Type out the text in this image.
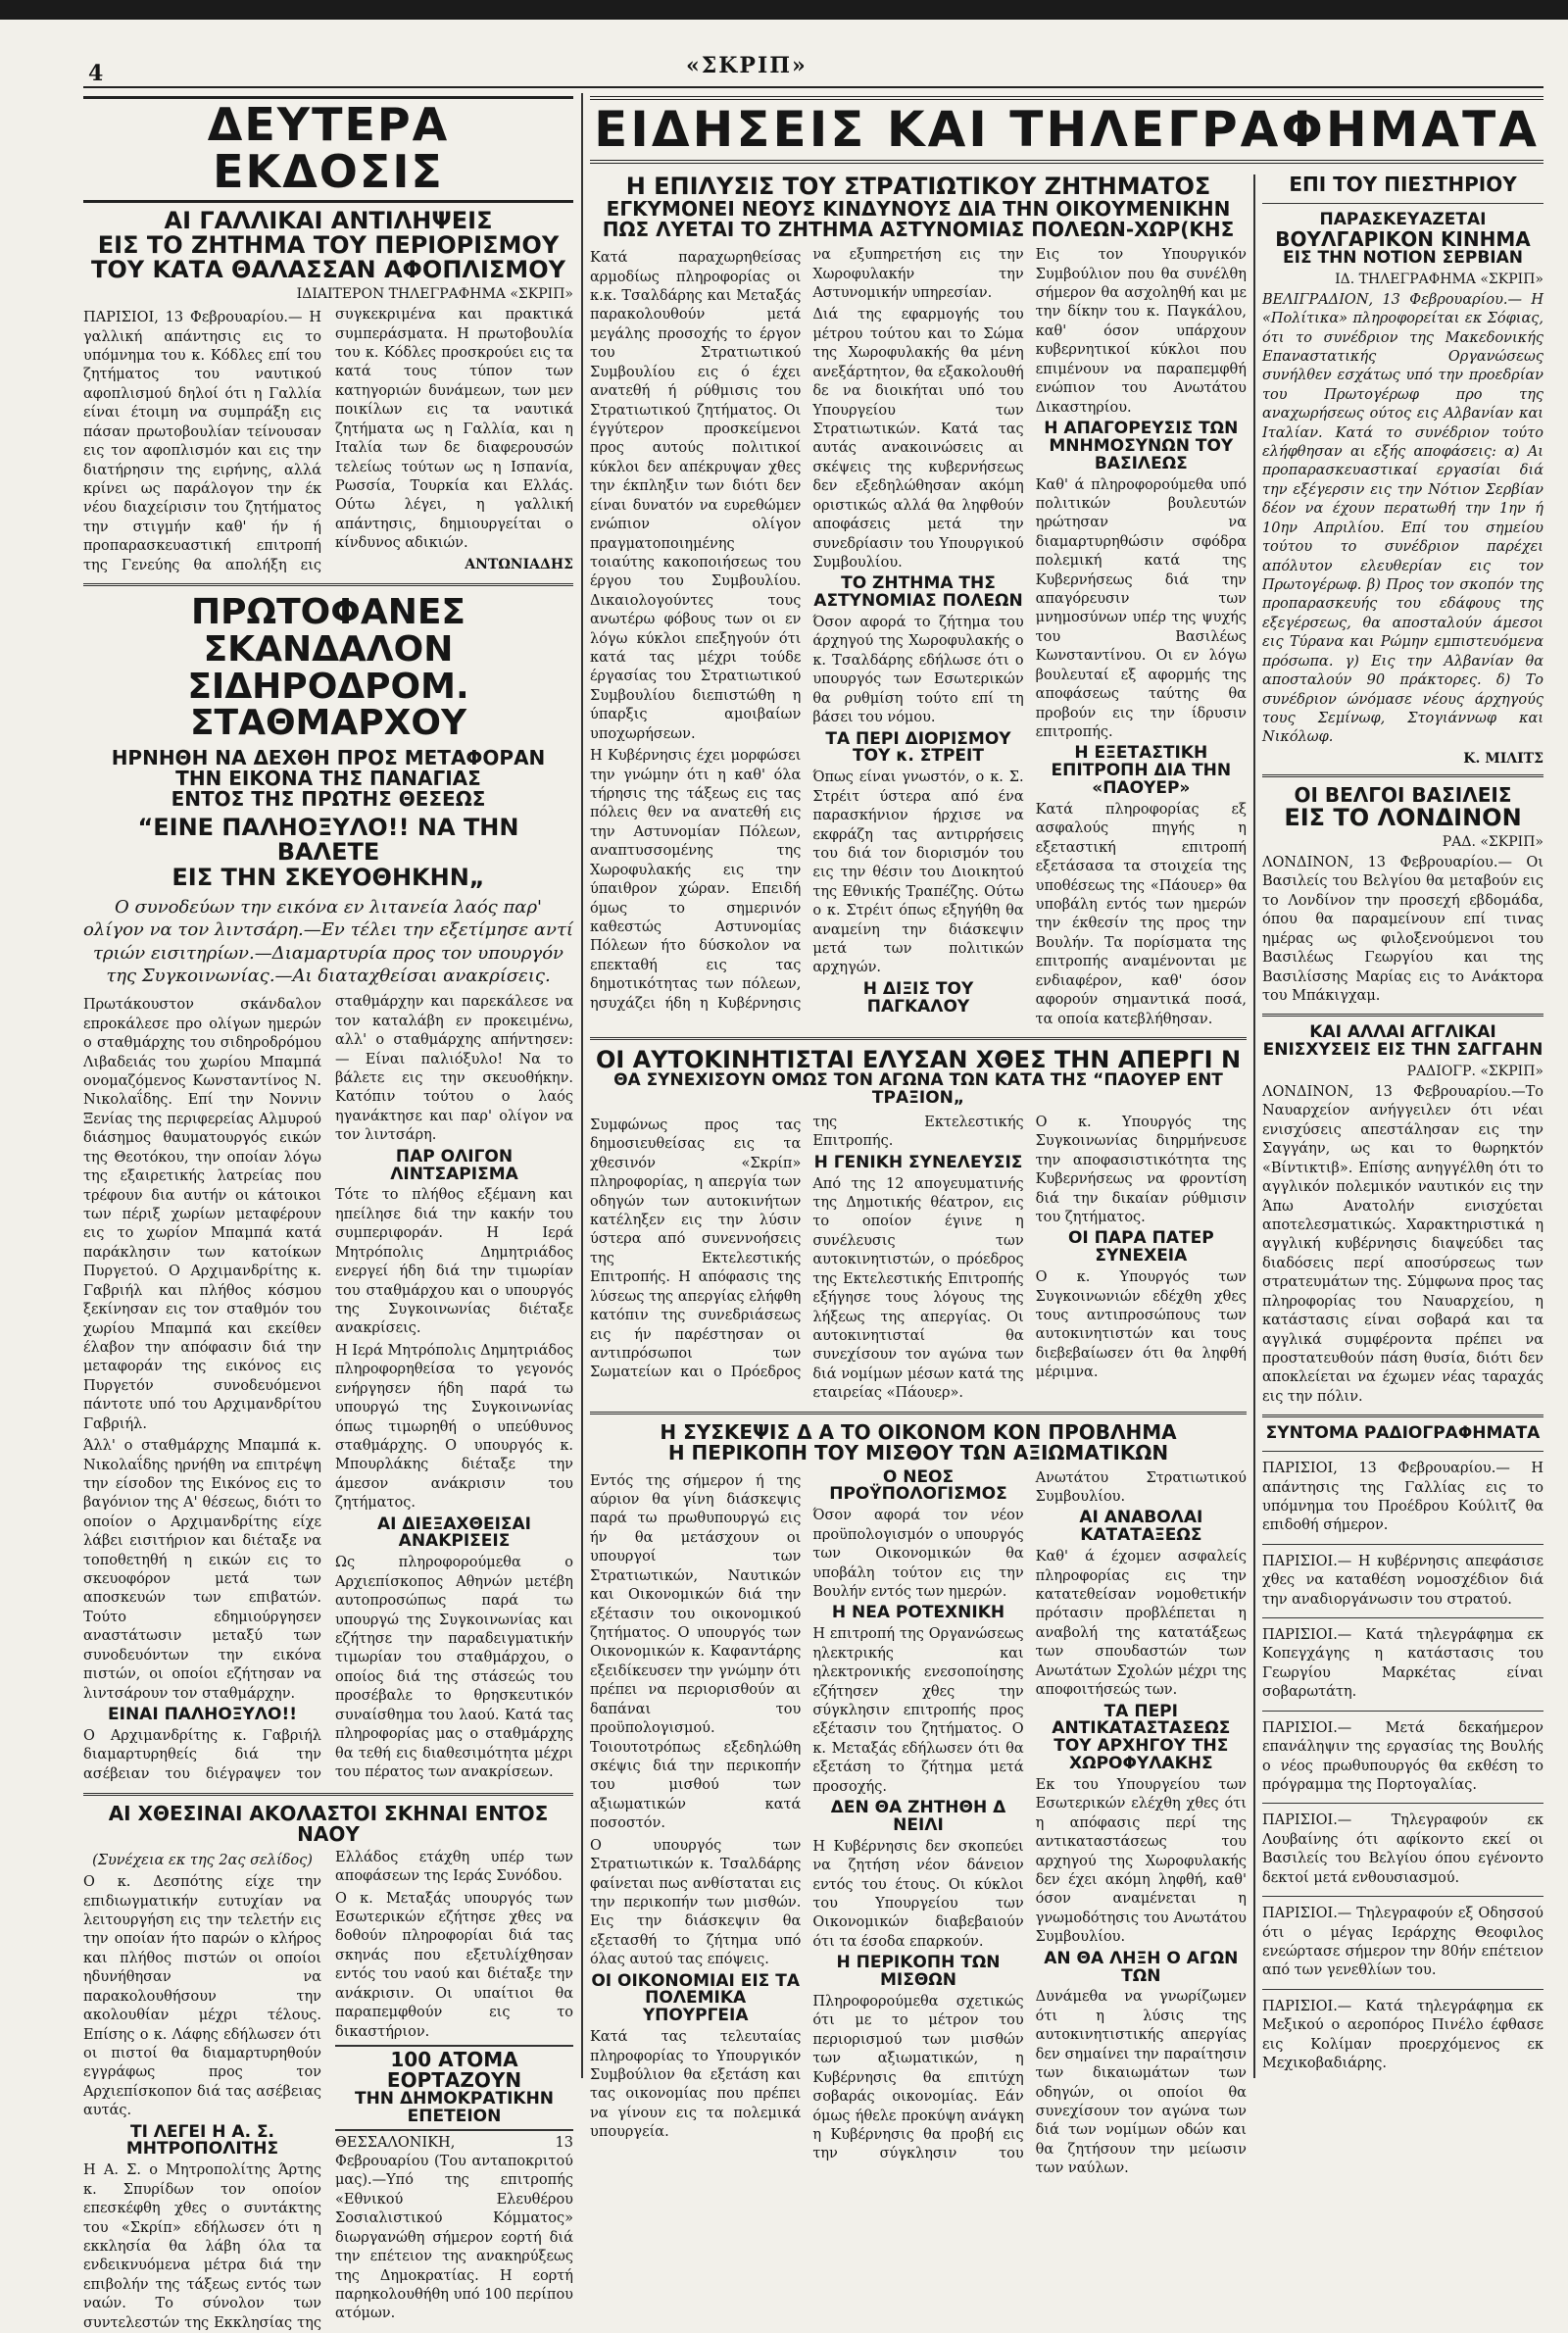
4	«ΣΚΡΙΠ»
ΔΕΥΤΕΡΑ ΕΚΔΟΣΙΣ
ΑΙ ΓΑΛΛΙΚΑΙ ΑΝΤΙΛΗΨΕΙΣ
ΕΙΣ ΤΟ ΖΗΤΗΜΑ ΤΟΥ ΠΕΡΙΟΡΙΣΜΟΥ
ΤΟΥ ΚΑΤΑ ΘΑΛΑΣΣΑΝ ΑΦΟΠΛΙΣΜΟΥ
ΙΔΙΑΙΤΕΡΟΝ ΤΗΛΕΓΡΑΦΗΜΑ «ΣΚΡΙΠ»

ΠΑΡΙΣΙΟΙ, 13 Φεβρουαρίου.— Η γαλλική απάντησις εις το υπόμνημα του κ. Κόδλες επί του ζητήματος του ναυτικού αφοπλισμού δηλοί ότι η Γαλλία είναι έτοιμη να συμπράξη εις πάσαν πρωτοβουλίαν τείνουσαν εις τον αφοπλισμόν και εις την διατήρησιν της ειρήνης, αλλά κρίνει ως παράλογον την έκ νέου διαχείρισιν του ζητήματος την στιγμήν καθ' ήν ή προπαρασκευαστική επιτροπή της Γενεύης θα απολήξη εις συγκεκριμένα και πρακτικά συμπεράσματα. Η πρωτοβουλία του κ. Κόδλες προσκρούει εις τα κατά τους τύπον των κατηγοριών δυνάμεων, των μεν ποικίλων εις τα ναυτικά ζητήματα ως η Γαλλία, και η Ιταλία των δε διαφερουσών τελείως τούτων ως η Ισπανία, Ρωσσία, Τουρκία και Ελλάς. Ούτω λέγει, η γαλλική απάντησις, δημιουργείται ο κίνδυνος αδικιών.

ΑΝΤΩΝΙΑΔΗΣ

ΠΡΩΤΟΦΑΝΕΣ ΣΚΑΝΔΑΛΟΝ
ΣΙΔΗΡΟΔΡΟΜ. ΣΤΑΘΜΑΡΧΟΥ
ΗΡΝΗΘΗ ΝΑ ΔΕΧΘΗ ΠΡΟΣ ΜΕΤΑΦΟΡΑΝ
ΤΗΝ ΕΙΚΟΝΑ ΤΗΣ ΠΑΝΑΓΙΑΣ
ΕΝΤΟΣ ΤΗΣ ΠΡΩΤΗΣ ΘΕΣΕΩΣ
“ΕΙΝΕ ΠΑΛΗΟΞΥΛΟ!! ΝΑ ΤΗΝ ΒΑΛΕΤΕ
ΕΙΣ ΤΗΝ ΣΚΕΥΟΘΗΚΗΝ„

Ο συνοδεύων την εικόνα εν λιτανεία λαός παρ' ολίγον να τον λιντσάρη.—Εν τέλει την εξετίμησε αντί τριών εισιτηρίων.—Διαμαρτυρία προς τον υπουργόν της Συγκοινωνίας.—Αι διαταχθείσαι ανακρίσεις.

Πρωτάκουστον σκάνδαλον επροκάλεσε προ ολίγων ημερών ο σταθμάρχης του σιδηροδρόμου Λιβαδειάς του χωρίου Μπαμπά ονομαζόμενος Κωνσταντίνος Ν. Νικολαΐδης. Επί την Νοννιν Ξενίας της περιφερείας Αλμυρού διάσημος θαυματουργός εικών της Θεοτόκου, την οποίαν λόγω της εξαιρετικής λατρείας που τρέφουν δια αυτήν οι κάτοικοι των πέριξ χωρίων μεταφέρουν εις το χωρίον Μπαμπά κατά παράκλησιν των κατοίκων Πυργετού. Ο Αρχιμανδρίτης κ. Γαβριήλ και πλήθος κόσμου ξεκίνησαν εις τον σταθμόν του χωρίου Μπαμπά και εκείθεν έλαβον την απόφασιν διά την μεταφοράν της εικόνος εις Πυργετόν συνοδευόμενοι πάντοτε υπό του Αρχιμανδρίτου Γαβριήλ.

Άλλ' ο σταθμάρχης Μπαμπά κ. Νικολαΐδης ηρνήθη να επιτρέψη την είσοδον της Εικόνος εις το βαγόνιον της Α' θέσεως, διότι το οποίον ο Αρχιμανδρίτης είχε λάβει εισιτήριον και διέταξε να τοποθετηθή η εικών εις το σκευοφόρον μετά των αποσκευών των επιβατών. Τούτο εδημιούργησεν αναστάτωσιν μεταξύ των συνοδευόντων την εικόνα πιστών, οι οποίοι εζήτησαν να λιντσάρουν τον σταθμάρχην.

ΕΙΝΑΙ ΠΑΛΗΟΞΥΛΟ!!

Ο Αρχιμανδρίτης κ. Γαβριήλ διαμαρτυρηθείς διά την ασέβειαν του διέγραψεν τον σταθμάρχην και παρεκάλεσε να τον καταλάβη εν προκειμένω, αλλ' ο σταθμάρχης απήντησεν: — Είναι παλιόξυλο! Να το βάλετε εις την σκευοθήκην. Κατόπιν τούτου ο λαός ηγανάκτησε και παρ' ολίγον να τον λιντσάρη.

ΠΑΡ ΟΛΙΓΟΝ ΛΙΝΤΣΑΡΙΣΜΑ

Τότε το πλήθος εξέμανη και ηπείλησε διά την κακήν του συμπεριφοράν. Η Ιερά Μητρόπολις Δημητριάδος ενεργεί ήδη διά την τιμωρίαν του σταθμάρχου και ο υπουργός της Συγκοινωνίας διέταξε ανακρίσεις.

Η Ιερά Μητρόπολις Δημητριάδος πληροφορηθείσα το γεγονός ενήργησεν ήδη παρά τω υπουργώ της Συγκοινωνίας όπως τιμωρηθή ο υπεύθυνος σταθμάρχης. Ο υπουργός κ. Μπουρλάκης διέταξε την άμεσον ανάκρισιν του ζητήματος.

ΑΙ ΔΙΕΞΑΧΘΕΙΣΑΙ ΑΝΑΚΡΙΣΕΙΣ

Ως πληροφορούμεθα ο Αρχιεπίσκοπος Αθηνών μετέβη αυτοπροσώπως παρά τω υπουργώ της Συγκοινωνίας και εζήτησε την παραδειγματικήν τιμωρίαν του σταθμάρχου, ο οποίος διά της στάσεώς του προσέβαλε το θρησκευτικόν συναίσθημα του λαού. Κατά τας πληροφορίας μας ο σταθμάρχης θα τεθή εις διαθεσιμότητα μέχρι του πέρατος των ανακρίσεων.

ΑΙ ΧΘΕΣΙΝΑΙ ΑΚΟΛΑΣΤΟΙ ΣΚΗΝΑΙ ΕΝΤΟΣ ΝΑΟΥ

(Συνέχεια εκ της 2ας σελίδος)

Ο κ. Δεσπότης είχε την επιδιωγματικήν ευτυχίαν να λειτουργήση εις την τελετήν εις την οποίαν ήτο παρών ο κλήρος και πλήθος πιστών οι οποίοι ηδυνήθησαν να παρακολουθήσουν την ακολουθίαν μέχρι τέλους. Επίσης ο κ. Λάφης εδήλωσεν ότι οι πιστοί θα διαμαρτυρηθούν εγγράφως προς τον Αρχιεπίσκοπον διά τας ασέβειας αυτάς.

ΤΙ ΛΕΓΕΙ Η Α. Σ. ΜΗΤΡΟΠΟΛΙΤΗΣ

Η Α. Σ. ο Μητροπολίτης Άρτης κ. Σπυρίδων τον οποίον επεσκέφθη χθες ο συντάκτης του «Σκρίπ» εδήλωσεν ότι η εκκλησία θα λάβη όλα τα ενδεικνυόμενα μέτρα διά την επιβολήν της τάξεως εντός των ναών. Το σύνολον των συντελεστών της Εκκλησίας της Ελλάδος ετάχθη υπέρ των αποφάσεων της Ιεράς Συνόδου.

Ο κ. Μεταξάς υπουργός των Εσωτερικών εζήτησε χθες να δοθούν πληροφορίαι διά τας σκηνάς που εξετυλίχθησαν εντός του ναού και διέταξε την ανάκρισιν. Οι υπαίτιοι θα παραπεμφθούν εις το δικαστήριον.

100 ΑΤΟΜΑ ΕΟΡΤΑΖΟΥΝ
ΤΗΝ ΔΗΜΟΚΡΑΤΙΚΗΝ ΕΠΕΤΕΙΟΝ

ΘΕΣΣΑΛΟΝΙΚΗ, 13 Φεβρουαρίου (Του ανταποκριτού μας).—Υπό της επιτροπής «Εθνικού Ελευθέρου Σοσιαλιστικού Κόμματος» διωργανώθη σήμερον εορτή διά την επέτειον της ανακηρύξεως της Δημοκρατίας. Η εορτή παρηκολουθήθη υπό 100 περίπου ατόμων.

ΕΙΔΗΣΕΙΣ ΚΑΙ ΤΗΛΕΓΡΑΦΗΜΑΤΑ
Η ΕΠΙΛΥΣΙΣ ΤΟΥ ΣΤΡΑΤΙΩΤΙΚΟΥ ΖΗΤΗΜΑΤΟΣ
ΕΓΚΥΜΟΝΕΙ ΝΕΟΥΣ ΚΙΝΔΥΝΟΥΣ ΔΙΑ ΤΗΝ ΟΙΚΟΥΜΕΝΙΚΗΝ
ΠΩΣ ΛΥΕΤΑΙ ΤΟ ΖΗΤΗΜΑ ΑΣΤΥΝΟΜΙΑΣ ΠΟΛΕΩΝ-ΧΩΡ(ΚΗΣ

Κατά παραχωρηθείσας αρμοδίως πληροφορίας οι κ.κ. Τσαλδάρης και Μεταξάς παρακολουθούν μετά μεγάλης προσοχής το έργον του Στρατιωτικού Συμβουλίου εις ό έχει ανατεθή ή ρύθμισις του Στρατιωτικού ζητήματος. Οι έγγύτερον προσκείμενοι προς αυτούς πολιτικοί κύκλοι δεν απέκρυψαν χθες την έκπληξιν των διότι δεν είναι δυνατόν να ευρεθώμεν ενώπιον ολίγον πραγματοποιημένης τοιαύτης κακοποιήσεως του έργου του Συμβουλίου. Δικαιολογούντες τους ανωτέρω φόβους των οι εν λόγω κύκλοι επεξηγούν ότι κατά τας μέχρι τούδε έργασίας του Στρατιωτικού Συμβουλίου διεπιστώθη η ύπαρξις αμοιβαίων υποχωρήσεων.

Η Κυβέρνησις έχει μορφώσει την γνώμην ότι η καθ' όλα τήρησις της τάξεως εις τας πόλεις θεν να ανατεθή εις την Αστυνομίαν Πόλεων, αναπτυσσομένης της Χωροφυλακής εις την ύπαιθρον χώραν. Επειδή όμως το σημερινόν καθεστώς Αστυνομίας Πόλεων ήτο δύσκολον να επεκταθή εις τας δημοτικότητας των πόλεων, ησυχάζει ήδη η Κυβέρνησις να εξυπηρετήση εις την Χωροφυλακήν την Αστυνομικήν υπηρεσίαν.

Διά της εφαρμογής του μέτρου τούτου και το Σώμα της Χωροφυλακής θα μένη ανεξάρτητον, θα εξακολουθή δε να διοικήται υπό του Υπουργείου των Στρατιωτικών. Κατά τας αυτάς ανακοινώσεις αι σκέψεις της κυβερνήσεως δεν εξεδηλώθησαν ακόμη οριστικώς αλλά θα ληφθούν αποφάσεις μετά την συνεδρίασιν του Υπουργικού Συμβουλίου.

ΤΟ ΖΗΤΗΜΑ ΤΗΣ ΑΣΤΥΝΟΜΙΑΣ ΠΟΛΕΩΝ

Όσον αφορά το ζήτημα του άρχηγού της Χωροφυλακής ο κ. Τσαλδάρης εδήλωσε ότι ο υπουργός των Εσωτερικών θα ρυθμίση τούτο επί τη βάσει του νόμου.

ΤΑ ΠΕΡΙ ΔΙΟΡΙΣΜΟΥ ΤΟΥ κ. ΣΤΡΕΙΤ

Όπως είναι γνωστόν, ο κ. Σ. Στρέιτ ύστερα από ένα παρασκήνιον ήρχισε να εκφράζη τας αντιρρήσεις του διά τον διορισμόν του εις την θέσιν του Διοικητού της Εθνικής Τραπέζης. Ούτω ο κ. Στρέιτ όπως εξηγήθη θα αναμείνη την διάσκεψιν μετά των πολιτικών αρχηγών.

Η ΔΙΞΙΣ ΤΟΥ ΠΑΓΚΑΛΟΥ

Εις τον Υπουργικόν Συμβούλιον που θα συνέλθη σήμερον θα ασχοληθή και με την δίκην του κ. Παγκάλου, καθ' όσον υπάρχουν κυβερνητικοί κύκλοι που επιμένουν να παραπεμφθή ενώπιον του Ανωτάτου Δικαστηρίου.

Η ΑΠΑΓΟΡΕΥΣΙΣ ΤΩΝ ΜΝΗΜΟΣΥΝΩΝ ΤΟΥ ΒΑΣΙΛΕΩΣ

Καθ' ά πληροφορούμεθα υπό πολιτικών βουλευτών ηρώτησαν να διαμαρτυρηθώσιν σφόδρα πολεμική κατά της Κυβερνήσεως διά την απαγόρευσιν των μνημοσύνων υπέρ της ψυχής του Βασιλέως Κωνσταντίνου. Οι εν λόγω βουλευταί εξ αφορμής της αποφάσεως ταύτης θα προβούν εις την ίδρυσιν επιτροπής.

Η ΕΞΕΤΑΣΤΙΚΗ ΕΠΙΤΡΟΠΗ ΔΙΑ ΤΗΝ «ΠΑΟΥΕΡ»

Κατά πληροφορίας εξ ασφαλούς πηγής η εξεταστική επιτροπή εξετάσασα τα στοιχεία της υποθέσεως της «Πάουερ» θα υποβάλη εντός των ημερών την έκθεσίν της προς την Βουλήν. Τα πορίσματα της επιτροπής αναμένονται με ενδιαφέρον, καθ' όσον αφορούν σημαντικά ποσά, τα οποία κατεβλήθησαν.

ΟΙ ΑΥΤΟΚΙΝΗΤΙΣΤΑΙ ΕΛΥΣΑΝ ΧΘΕΣ ΤΗΝ ΑΠΕΡΓΙ Ν
ΘΑ ΣΥΝΕΧΙΣΟΥΝ ΟΜΩΣ ΤΟΝ ΑΓΩΝΑ ΤΩΝ ΚΑΤΑ ΤΗΣ “ΠΑΟΥΕΡ ΕΝΤ ΤΡΑΞΙΟΝ„

Συμφώνως προς τας δημοσιευθείσας εις τα χθεσινόν «Σκρίπ» πληροφορίας, η απεργία των οδηγών των αυτοκινήτων κατέληξεν εις την λύσιν ύστερα από συνεννοήσεις της Εκτελεστικής Επιτροπής. Η απόφασις της λύσεως της απεργίας ελήφθη κατόπιν της συνεδριάσεως εις ήν παρέστησαν οι αντιπρόσωποι των Σωματείων και ο Πρόεδρος της Εκτελεστικής Επιτροπής.

Η ΓΕΝΙΚΗ ΣΥΝΕΛΕΥΣΙΣ

Από της 12 απογευματινής της Δημοτικής θέατρον, εις το οποίον έγινε η συνέλευσις των αυτοκινητιστών, ο πρόεδρος της Εκτελεστικής Επιτροπής εξήγησε τους λόγους της λήξεως της απεργίας. Οι αυτοκινητισταί θα συνεχίσουν τον αγώνα των διά νομίμων μέσων κατά της εταιρείας «Πάουερ».

Ο κ. Υπουργός της Συγκοινωνίας διηρμήνευσε την αποφασιστικότητα της Κυβερνήσεως να φροντίση διά την δικαίαν ρύθμισιν του ζητήματος.

ΟΙ ΠΑΡΑ ΠΑΤΕΡ ΣΥΝΕΧΕΙΑ

Ο κ. Υπουργός των Συγκοινωνιών εδέχθη χθες τους αντιπροσώπους των αυτοκινητιστών και τους διεβεβαίωσεν ότι θα ληφθή μέριμνα.

Η ΣΥΣΚΕΨΙΣ Δ Α ΤΟ ΟΙΚΟΝΟΜ ΚΟΝ ΠΡΟΒΛΗΜΑ
Η ΠΕΡΙΚΟΠΗ ΤΟΥ ΜΙΣΘΟΥ ΤΩΝ ΑΞΙΩΜΑΤΙΚΩΝ

Εντός της σήμερον ή της αύριον θα γίνη διάσκεψις παρά τω πρωθυπουργώ εις ήν θα μετάσχουν οι υπουργοί των Στρατιωτικών, Ναυτικών και Οικονομικών διά την εξέτασιν του οικονομικού ζητήματος. Ο υπουργός των Οικονομικών κ. Καφαντάρης εξειδίκευσεν την γνώμην ότι πρέπει να περιορισθούν αι δαπάναι του προϋπολογισμού. Τοιουτοτρόπως εξεδηλώθη σκέψις διά την περικοπήν του μισθού των αξιωματικών κατά ποσοστόν.

Ο υπουργός των Στρατιωτικών κ. Τσαλδάρης φαίνεται πως ανθίσταται εις την περικοπήν των μισθών. Εις την διάσκεψιν θα εξετασθή το ζήτημα υπό όλας αυτού τας επόψεις.

ΟΙ ΟΙΚΟΝΟΜΙΑΙ ΕΙΣ ΤΑ ΠΟΛΕΜΙΚΑ ΥΠΟΥΡΓΕΙΑ

Κατά τας τελευταίας πληροφορίας το Υπουργικόν Συμβούλιον θα εξετάση και τας οικονομίας που πρέπει να γίνουν εις τα πολεμικά υπουργεία.

Ο ΝΕΟΣ ΠΡΟΫΠΟΛΟΓΙΣΜΟΣ

Όσον αφορά τον νέον προϋπολογισμόν ο υπουργός των Οικονομικών θα υποβάλη τούτον εις την Βουλήν εντός των ημερών.

Η ΝΕΑ ΡΟΤΕΧΝΙΚΗ

Η επιτροπή της Οργανώσεως ηλεκτρικής και ηλεκτρονικής ενεσοποίησης εζήτησεν χθες την σύγκλησιν επιτροπής προς εξέτασιν του ζητήματος. Ο κ. Μεταξάς εδήλωσεν ότι θα εξετάση το ζήτημα μετά προσοχής.

ΔΕΝ ΘΑ ΖΗΤΗΘΗ Δ ΝΕΙΛΙ

Η Κυβέρνησις δεν σκοπεύει να ζητήση νέον δάνειον εντός του έτους. Οι κύκλοι του Υπουργείου των Οικονομικών διαβεβαιούν ότι τα έσοδα επαρκούν.

Η ΠΕΡΙΚΟΠΗ ΤΩΝ ΜΙΣΘΩΝ

Πληροφορούμεθα σχετικώς ότι με το μέτρον του περιορισμού των μισθών των αξιωματικών, η Κυβέρνησις θα επιτύχη σοβαράς οικονομίας. Εάν όμως ήθελε προκύψη ανάγκη η Κυβέρνησις θα προβή εις την σύγκλησιν του Ανωτάτου Στρατιωτικού Συμβουλίου.

ΑΙ ΑΝΑΒΟΛΑΙ ΚΑΤΑΤΑΞΕΩΣ

Καθ' ά έχομεν ασφαλείς πληροφορίας εις την κατατεθείσαν νομοθετικήν πρότασιν προβλέπεται η αναβολή της κατατάξεως των σπουδαστών των Ανωτάτων Σχολών μέχρι της αποφοιτήσεώς των.

ΤΑ ΠΕΡΙ ΑΝΤΙΚΑΤΑΣΤΑΣΕΩΣ
ΤΟΥ ΑΡΧΗΓΟΥ ΤΗΣ ΧΩΡΟΦΥΛΑΚΗΣ

Εκ του Υπουργείου των Εσωτερικών ελέχθη χθες ότι η απόφασις περί της αντικαταστάσεως του αρχηγού της Χωροφυλακής δεν έχει ακόμη ληφθή, καθ' όσον αναμένεται η γνωμοδότησις του Ανωτάτου Συμβουλίου.

ΑΝ ΘΑ ΛΗΞΗ Ο ΑΓΩΝ ΤΩΝ

Δυνάμεθα να γνωρίζωμεν ότι η λύσις της αυτοκινητιστικής απεργίας δεν σημαίνει την παραίτησιν των δικαιωμάτων των οδηγών, οι οποίοι θα συνεχίσουν τον αγώνα των διά των νομίμων οδών και θα ζητήσουν την μείωσιν των ναύλων.

ΕΠΙ ΤΟΥ ΠΙΕΣΤΗΡΙΟΥ
ΠΑΡΑΣΚΕΥΑΖΕΤΑΙ
ΒΟΥΛΓΑΡΙΚΟΝ ΚΙΝΗΜΑ
ΕΙΣ ΤΗΝ ΝΟΤΙΟΝ ΣΕΡΒΙΑΝ
ΙΔ. ΤΗΛΕΓΡΑΦΗΜΑ «ΣΚΡΙΠ»

ΒΕΛΙΓΡΑΔΙΟΝ, 13 Φεβρουαρίου.— Η «Πολίτικα» πληροφορείται εκ Σόφιας, ότι το συνέδριον της Μακεδονικής Επαναστατικής Οργανώσεως συνήλθεν εσχάτως υπό την προεδρίαν του Πρωτογέρωφ προ της αναχωρήσεως ούτος εις Αλβανίαν και Ιταλίαν. Κατά το συνέδριον τούτο ελήφθησαν αι εξής αποφάσεις: α) Αι προπαρασκευαστικαί εργασίαι διά την εξέγερσιν εις την Νότιον Σερβίαν δέον να έχουν περατωθή την 1ην ή 10ην Απριλίου. Επί του σημείου τούτου το συνέδριον παρέχει απόλυτον ελευθερίαν εις τον Πρωτογέρωφ. β) Προς τον σκοπόν της προπαρασκευής του εδάφους της εξεγέρσεως, θα αποσταλούν άμεσοι εις Τύρανα και Ρώμην εμπιστευόμενα πρόσωπα. γ) Εις την Αλβανίαν θα αποσταλούν 90 πράκτορες. δ) Το συνέδριον ώνόμασε νέους άρχηγούς τους Σεμίνωφ, Στογιάννωφ και Νικόλωφ.

Κ. ΜΙΛΙΤΣ

ΟΙ ΒΕΛΓΟΙ ΒΑΣΙΛΕΙΣ
ΕΙΣ ΤΟ ΛΟΝΔΙΝΟΝ
ΡΑΔ. «ΣΚΡΙΠ»

ΛΟΝΔΙΝΟΝ, 13 Φεβρουαρίου.— Οι Βασιλείς του Βελγίου θα μεταβούν εις το Λονδίνον την προσεχή εβδομάδα, όπου θα παραμείνουν επί τινας ημέρας ως φιλοξενούμενοι του Βασιλέως Γεωργίου και της Βασιλίσσης Μαρίας εις το Ανάκτορα του Μπάκιγχαμ.

ΚΑΙ ΑΛΛΑΙ ΑΓΓΛΙΚΑΙ
ΕΝΙΣΧΥΣΕΙΣ ΕΙΣ ΤΗΝ ΣΑΓΓΑΗΝ
ΡΑΔΙΟΓΡ. «ΣΚΡΙΠ»

ΛΟΝΔΙΝΟΝ, 13 Φεβρουαρίου.—Το Ναυαρχείον ανήγγειλεν ότι νέαι ενισχύσεις απεστάλησαν εις την Σαγγάην, ως και το θωρηκτόν «Βίντικτιβ». Επίσης ανηγγέλθη ότι το αγγλικόν πολεμικόν ναυτικόν εις την Άπω Ανατολήν ενισχύεται αποτελεσματικώς. Χαρακτηριστικά η αγγλική κυβέρνησις διαψεύδει τας διαδόσεις περί αποσύρσεως των στρατευμάτων της. Σύμφωνα προς τας πληροφορίας του Ναυαρχείου, η κατάστασις είναι σοβαρά και τα αγγλικά συμφέροντα πρέπει να προστατευθούν πάση θυσία, διότι δεν αποκλείεται να έχωμεν νέας ταραχάς εις την πόλιν.

ΣΥΝΤΟΜΑ ΡΑΔΙΟΓΡΑΦΗΜΑΤΑ

ΠΑΡΙΣΙΟΙ, 13 Φεβρουαρίου.— Η απάντησις της Γαλλίας εις το υπόμνημα του Προέδρου Κούλιτζ θα επιδοθή σήμερον.

ΠΑΡΙΣΙΟΙ.— Η κυβέρνησις απεφάσισε χθες να καταθέση νομοσχέδιον διά την αναδιοργάνωσιν του στρατού.

ΠΑΡΙΣΙΟΙ.— Κατά τηλεγράφημα εκ Κοπεγχάγης η κατάστασις του Γεωργίου Μαρκέτας είναι σοβαρωτάτη.

ΠΑΡΙΣΙΟΙ.— Μετά δεκαήμερον επανάληψιν της εργασίας της Βουλής ο νέος πρωθυπουργός θα εκθέση το πρόγραμμα της Πορτογαλίας.

ΠΑΡΙΣΙΟΙ.— Τηλεγραφούν εκ Λουβαίνης ότι αφίκοντο εκεί οι Βασιλείς του Βελγίου όπου εγένοντο δεκτοί μετά ενθουσιασμού.

ΠΑΡΙΣΙΟΙ.— Τηλεγραφούν εξ Οδησσού ότι ο μέγας Ιεράρχης Θεοφιλος ενεώρτασε σήμερον την 80ήν επέτειον από των γενεθλίων του.

ΠΑΡΙΣΙΟΙ.— Κατά τηλεγράφημα εκ Μεξικού ο αεροπόρος Πινέλο έφθασε εις Κολίμαν προερχόμενος εκ Μεχικοβαδιάρης.
